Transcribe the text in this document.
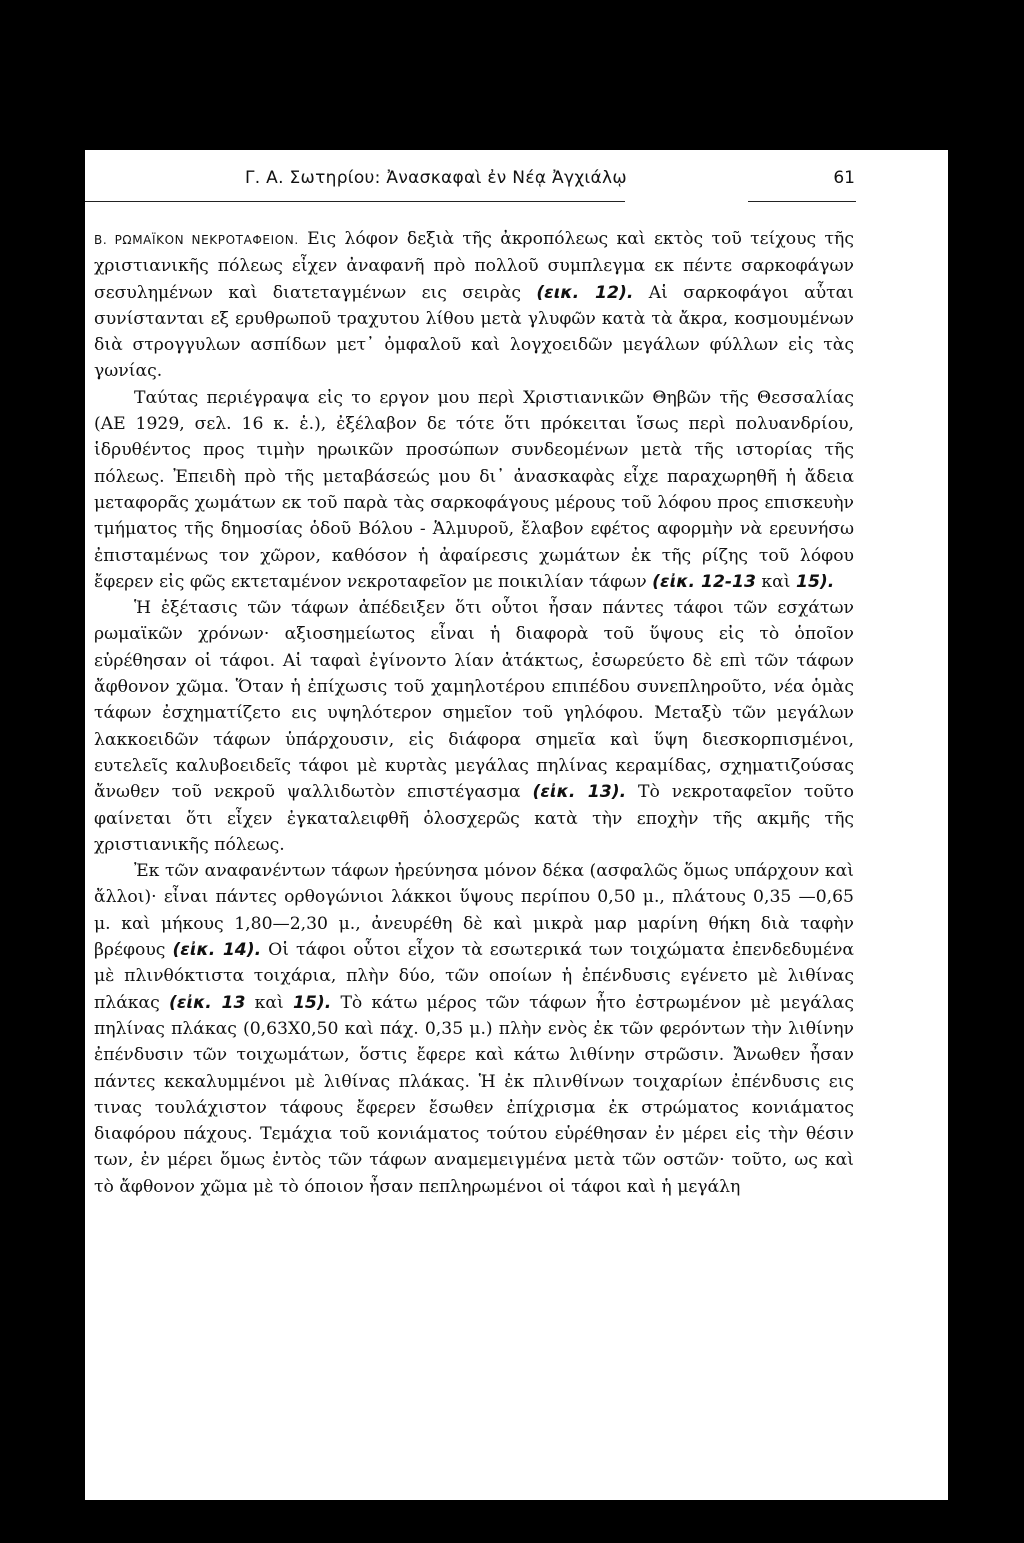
Γ. Α. Σωτηρίου: Ἀνασκαφαὶ ἐν Νέᾳ Ἀγχιάλῳ	61

Β. ΡΩΜΑΪΚΟΝ ΝΕΚΡΟΤΑΦΕΙΟΝ. Εις λόφον δεξιὰ τῆς ἀκροπόλεως καὶ εκτὸς τοῦ τείχους τῆς χριστιανικῆς πόλεως εἶχεν ἀναφανῆ πρὸ πολλοῦ συμπλεγμα εκ πέντε σαρκοφάγων σεσυλημένων καὶ διατεταγμένων εις σειρὰς (εικ. 12). Αἱ σαρκοφάγοι αὗται συνίστανται εξ ερυθρωποῦ τραχυτου λίθου μετὰ γλυφῶν κατὰ τὰ ἄκρα, κοσμουμένων διὰ στρογγυλων ασπίδων μετ᾽ ὀμφαλοῦ καὶ λογχοειδῶν μεγάλων φύλλων εἰς τὰς γωνίας.

Ταύτας περιέγραψα εἰς το εργον μου περὶ Χριστιανικῶν Θηβῶν τῆς Θεσσαλίας (ΑΕ 1929, σελ. 16 κ. ἑ.), ἐξέλαβον δε τότε ὅτι πρόκειται ἴσως περὶ πολυανδρίου, ἱδρυθέντος προς τιμὴν ηρωικῶν προσώπων συνδεομένων μετὰ τῆς ιστορίας τῆς πόλεως. Ἐπειδὴ πρὸ τῆς μεταβάσεώς μου δι᾽ ἀνασκαφὰς εἶχε παραχωρηθῆ ἡ ἄδεια μεταφορᾶς χωμάτων εκ τοῦ παρὰ τὰς σαρκοφάγους μέρους τοῦ λόφου προς επισκευὴν τμήματος τῆς δημοσίας ὁδοῦ Βόλου - Ἁλμυροῦ, ἔλαβον εφέτος αφορμὴν νὰ ερευνήσω ἐπισταμένως τον χῶρον, καθόσον ἡ ἀφαίρεσις χωμάτων ἐκ τῆς ρίζης τοῦ λόφου ἔφερεν εἰς φῶς εκτεταμένον νεκροταφεῖον με ποικιλίαν τάφων (εἰκ. 12-13 καὶ 15).

Ἡ ἐξέτασις τῶν τάφων ἀπέδειξεν ὅτι οὗτοι ἦσαν πάντες τάφοι τῶν εσχάτων ρωμαϊκῶν χρόνων· αξιοσημείωτος εἶναι ἡ διαφορὰ τοῦ ὕψους εἰς τὸ ὁποῖον εὑρέθησαν οἱ τάφοι. Αἱ ταφαὶ ἐγίνοντο λίαν ἀτάκτως, ἐσωρεύετο δὲ επὶ τῶν τάφων ἄφθονον χῶμα. Ὅταν ἡ ἐπίχωσις τοῦ χαμηλοτέρου επιπέδου συνεπληροῦτο, νέα ὁμὰς τάφων ἐσχηματίζετο εις υψηλότερον σημεῖον τοῦ γηλόφου. Μεταξὺ τῶν μεγάλων λακκοειδῶν τάφων ὑπάρχουσιν, εἰς διάφορα σημεῖα καὶ ὕψη διεσκορπισμένοι, ευτελεῖς καλυβοειδεῖς τάφοι μὲ κυρτὰς μεγάλας πηλίνας κεραμίδας, σχηματιζούσας ἄνωθεν τοῦ νεκροῦ ψαλλιδωτὸν επιστέγασμα (εἰκ. 13). Τὸ νεκροταφεῖον τοῦτο φαίνεται ὅτι εἶχεν ἐγκαταλειφθῆ ὁλοσχερῶς κατὰ τὴν εποχὴν τῆς ακμῆς τῆς χριστιανικῆς πόλεως.

Ἐκ τῶν αναφανέντων τάφων ἠρεύνησα μόνον δέκα (ασφαλῶς ὅμως υπάρχουν καὶ ἄλλοι)· εἶναι πάντες ορθογώνιοι λάκκοι ὕψους περίπου 0,50 μ., πλάτους 0,35 —0,65 μ. καὶ μήκους 1,80—2,30 μ., ἀνευρέθη δὲ καὶ μικρὰ μαρ μαρίνη θήκη διὰ ταφὴν βρέφους (εἰκ. 14). Οἱ τάφοι οὗτοι εἶχον τὰ εσωτερικά των τοιχώματα ἐπενδεδυμένα μὲ πλινθόκτιστα τοιχάρια, πλὴν δύο, τῶν οποίων ἡ ἐπένδυσις εγένετο μὲ λιθίνας πλάκας (εἰκ. 13 καὶ 15). Τὸ κάτω μέρος τῶν τάφων ἦτο ἐστρωμένον μὲ μεγάλας πηλίνας πλάκας (0,63Χ0,50 καὶ πάχ. 0,35 μ.) πλὴν ενὸς ἐκ τῶν φερόντων τὴν λιθίνην ἐπένδυσιν τῶν τοιχωμάτων, ὅστις ἔφερε καὶ κάτω λιθίνην στρῶσιν. Ἄνωθεν ἦσαν πάντες κεκαλυμμένοι μὲ λιθίνας πλάκας. Ἡ ἐκ πλινθίνων τοιχαρίων ἐπένδυσις εις τινας τουλάχιστον τάφους ἔφερεν ἔσωθεν ἐπίχρισμα ἐκ στρώματος κονιάματος διαφόρου πάχους. Τεμάχια τοῦ κονιάματος τούτου εὑρέθησαν ἐν μέρει εἰς τὴν θέσιν των, ἐν μέρει ὅμως ἐντὸς τῶν τάφων αναμεμειγμένα μετὰ τῶν οστῶν· τοῦτο, ως καὶ τὸ ἄφθονον χῶμα μὲ τὸ όποιον ἦσαν πεπληρωμένοι οἱ τάφοι καὶ ἡ μεγάλη
